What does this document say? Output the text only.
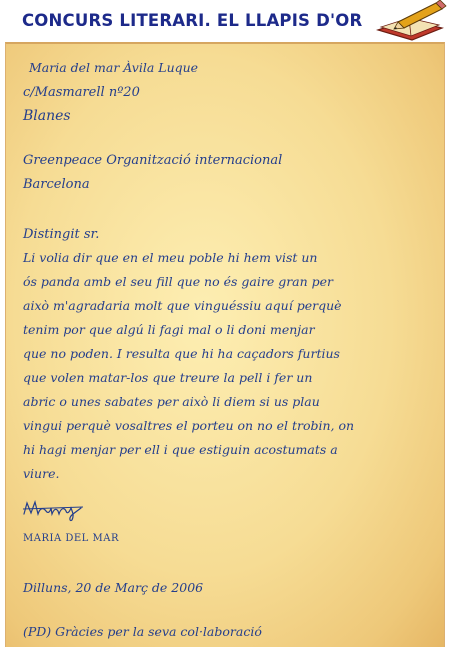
CONCURS LITERARI. EL LLAPIS D'OR
Maria del mar Àvila Luque
c/Masmarell nº20
Blanes
Greenpeace Organització internacional
Barcelona
Distingit sr.
Li volia dir que en el meu poble hi hem vist un
ós panda amb el seu fill que no és gaire gran per
això m'agradaria molt que vinguéssiu aquí perquè
tenim por que algú li fagi mal o li doni menjar
que no poden. I resulta que hi ha caçadors furtius
que volen matar-los que treure la pell i fer un
abric o unes sabates per això li diem si us plau
vingui perquè vosaltres el porteu on no el trobin, on
hi hagi menjar per ell i que estiguin acostumats a
viure.
MARIA DEL MAR
Dilluns, 20 de Març de 2006
(PD) Gràcies per la seva col·laboració
